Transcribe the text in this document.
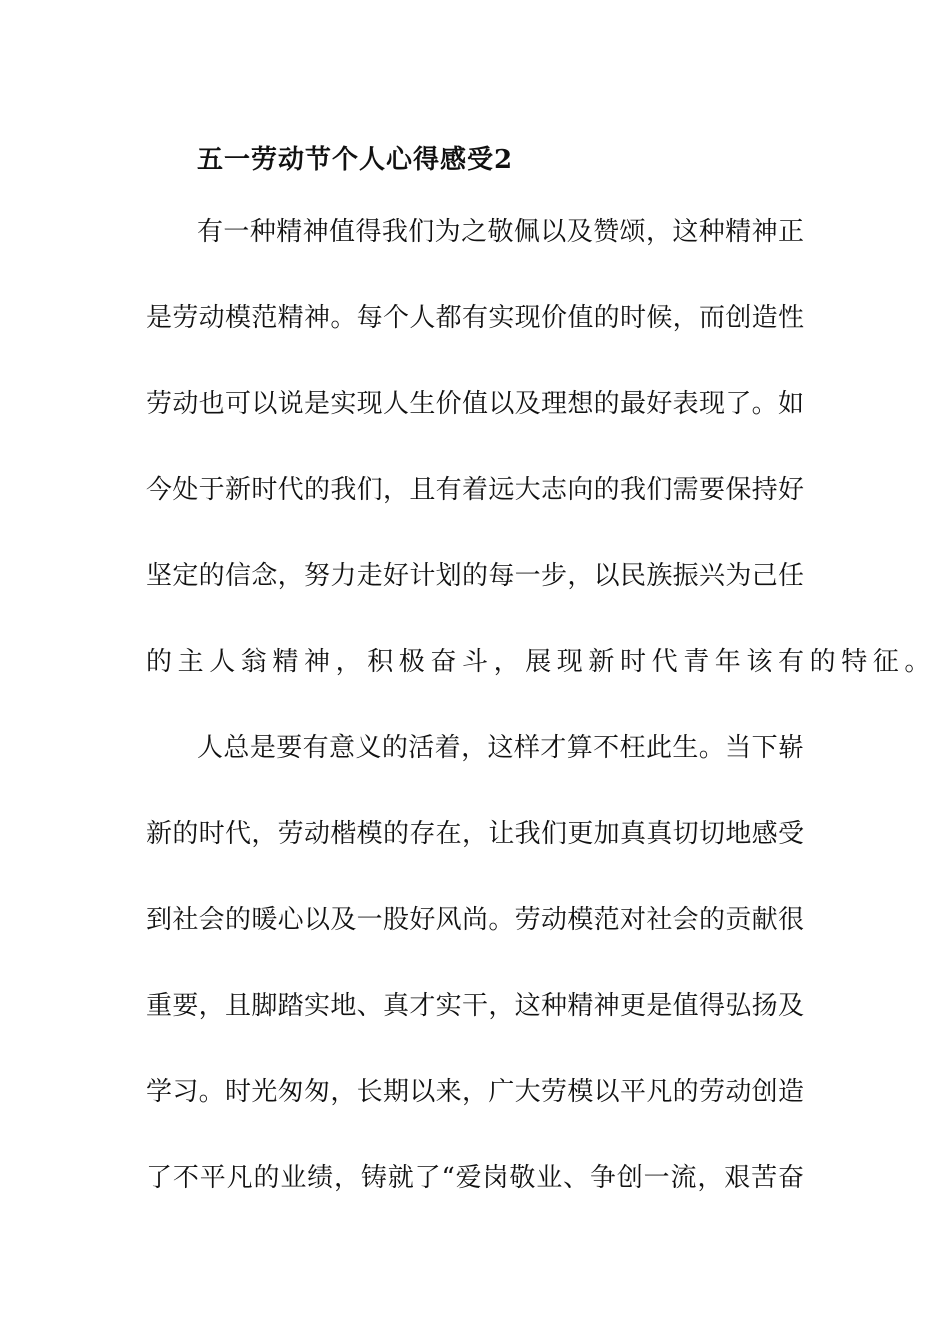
五一劳动节个人心得感受2
有一种精神值得我们为之敬佩以及赞颂，这种精神正
是劳动模范精神。每个人都有实现价值的时候，而创造性
劳动也可以说是实现人生价值以及理想的最好表现了。如
今处于新时代的我们，且有着远大志向的我们需要保持好
坚定的信念，努力走好计划的每一步，以民族振兴为己任
的主人翁精神，积极奋斗，展现新时代青年该有的特征。
人总是要有意义的活着，这样才算不枉此生。当下崭
新的时代，劳动楷模的存在，让我们更加真真切切地感受
到社会的暖心以及一股好风尚。劳动模范对社会的贡献很
重要，且脚踏实地、真才实干，这种精神更是值得弘扬及
学习。时光匆匆，长期以来，广大劳模以平凡的劳动创造
了不平凡的业绩，铸就了“爱岗敬业、争创一流，艰苦奋
